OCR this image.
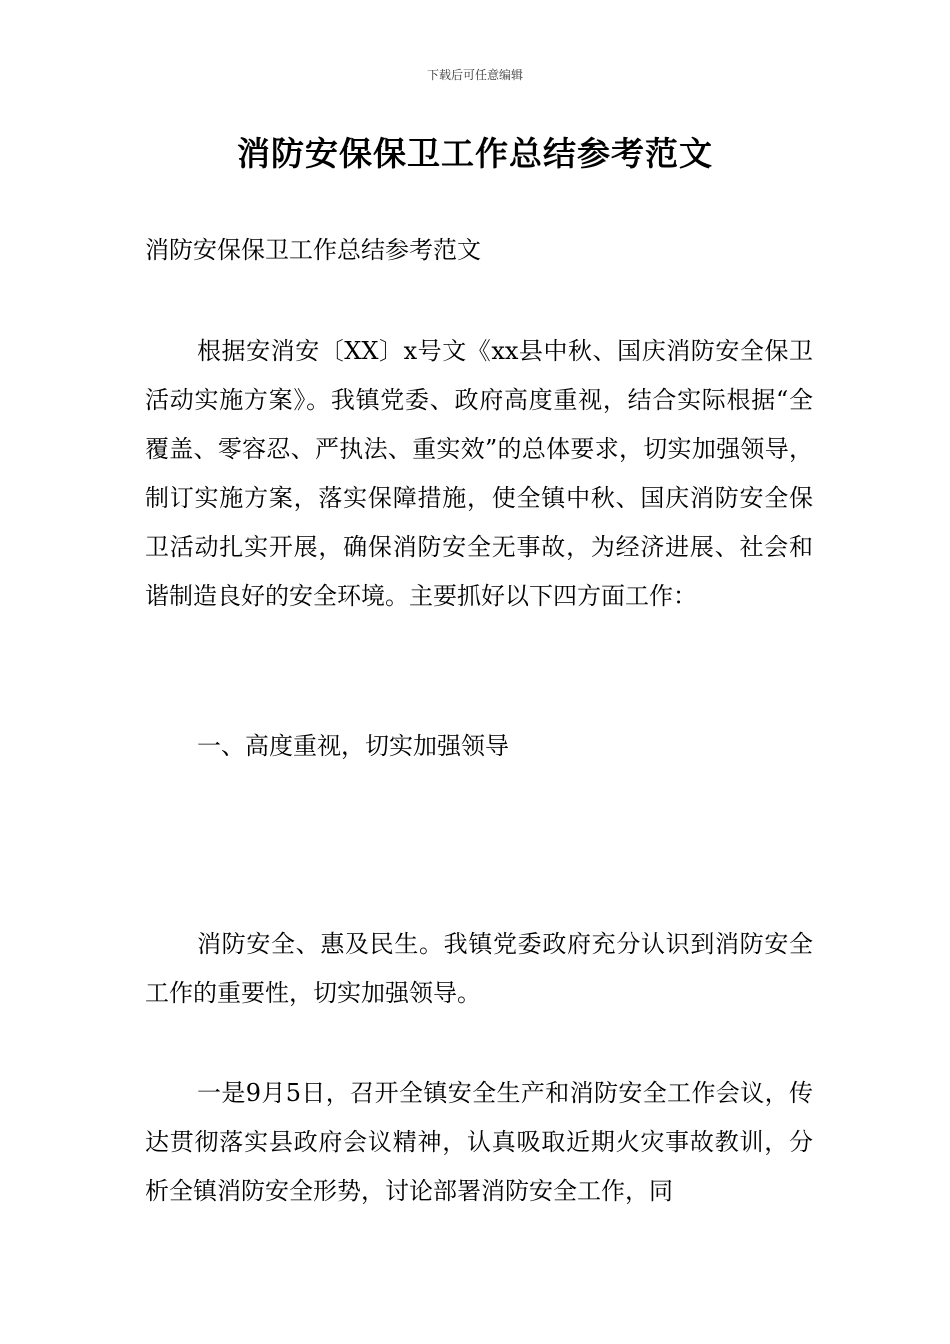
下载后可任意编辑
消防安保保卫工作总结参考范文

消防安保保卫工作总结参考范文

根据安消安〔XX〕x号文《xx县中秋、国庆消防安全保卫活动实施方案》。我镇党委、政府高度重视，结合实际根据“全覆盖、零容忍、严执法、重实效”的总体要求，切实加强领导，制订实施方案，落实保障措施，使全镇中秋、国庆消防安全保卫活动扎实开展，确保消防安全无事故，为经济进展、社会和谐制造良好的安全环境。主要抓好以下四方面工作：

一、高度重视，切实加强领导

消防安全、惠及民生。我镇党委政府充分认识到消防安全工作的重要性，切实加强领导。

一是9月5日，召开全镇安全生产和消防安全工作会议，传达贯彻落实县政府会议精神，认真吸取近期火灾事故教训，分析全镇消防安全形势，讨论部署消防安全工作，同
